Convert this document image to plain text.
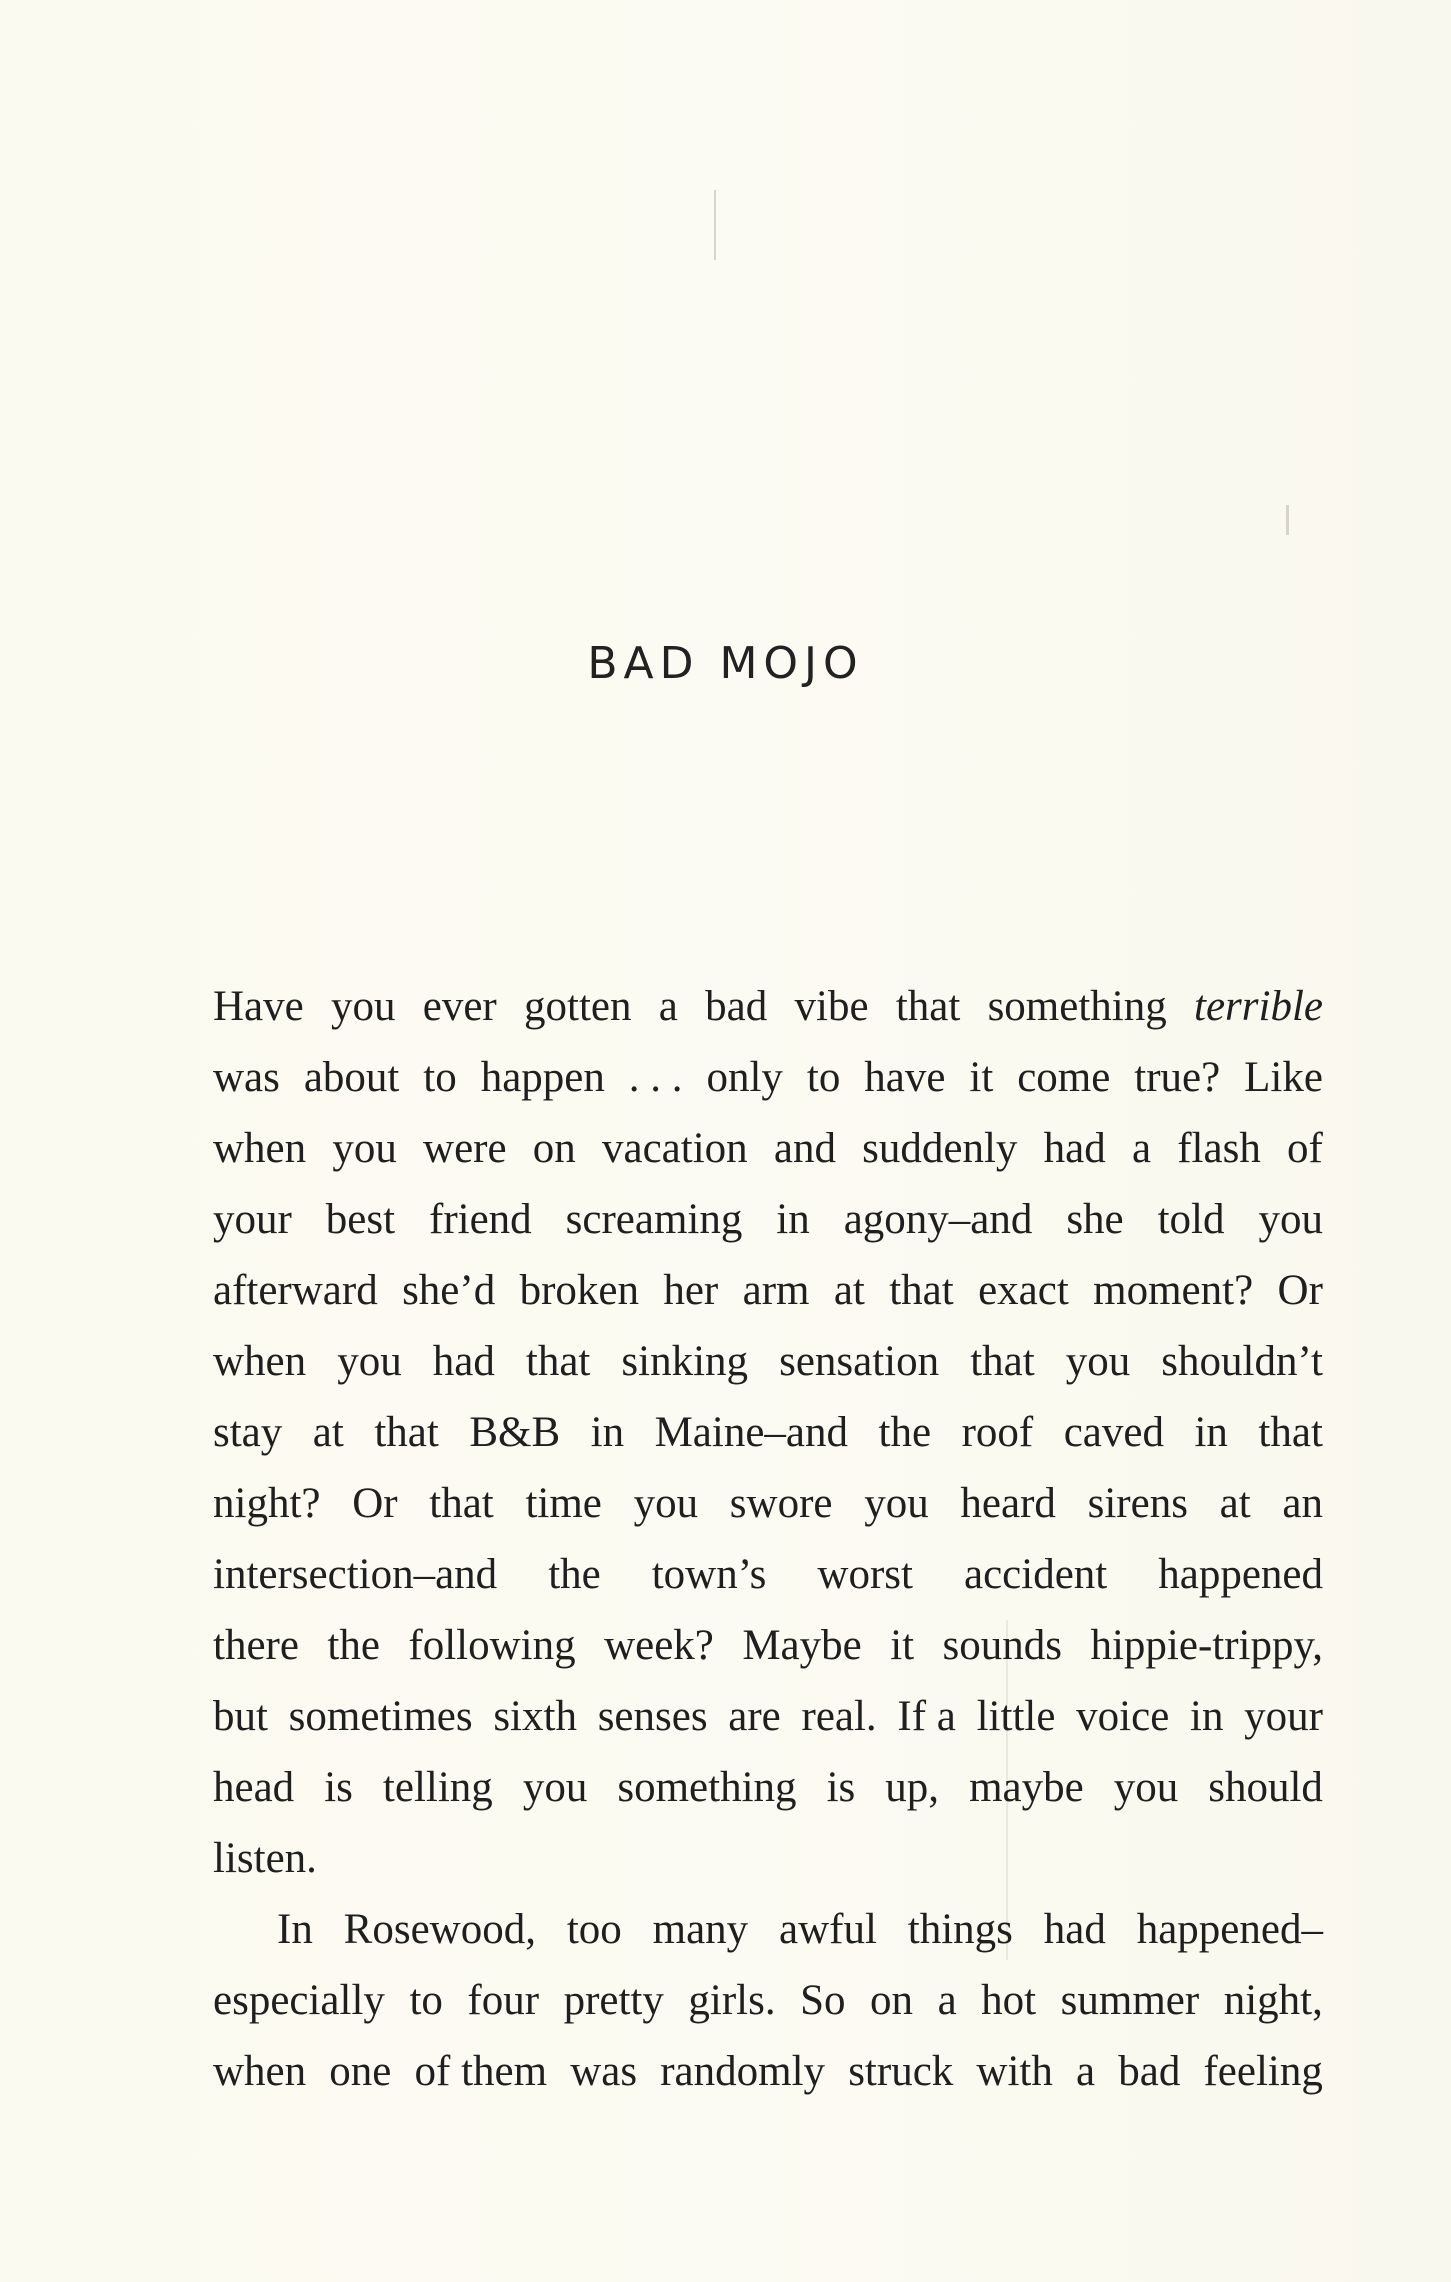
BAD MOJO
Have you ever gotten a bad vibe that something terrible
was about to happen . . . only to have it come true? Like
when you were on vacation and suddenly had a flash of
your best friend screaming in agony–and she told you
afterward she’d broken her arm at that exact moment? Or
when you had that sinking sensation that you shouldn’t
stay at that B&B in Maine–and the roof caved in that
night? Or that time you swore you heard sirens at an
intersection–and the town’s worst accident happened
there the following week? Maybe it sounds hippie-trippy,
but sometimes sixth senses are real. If a little voice in your
head is telling you something is up, maybe you should
listen.
In Rosewood, too many awful things had happened–
especially to four pretty girls. So on a hot summer night,
when one of them was randomly struck with a bad feeling
